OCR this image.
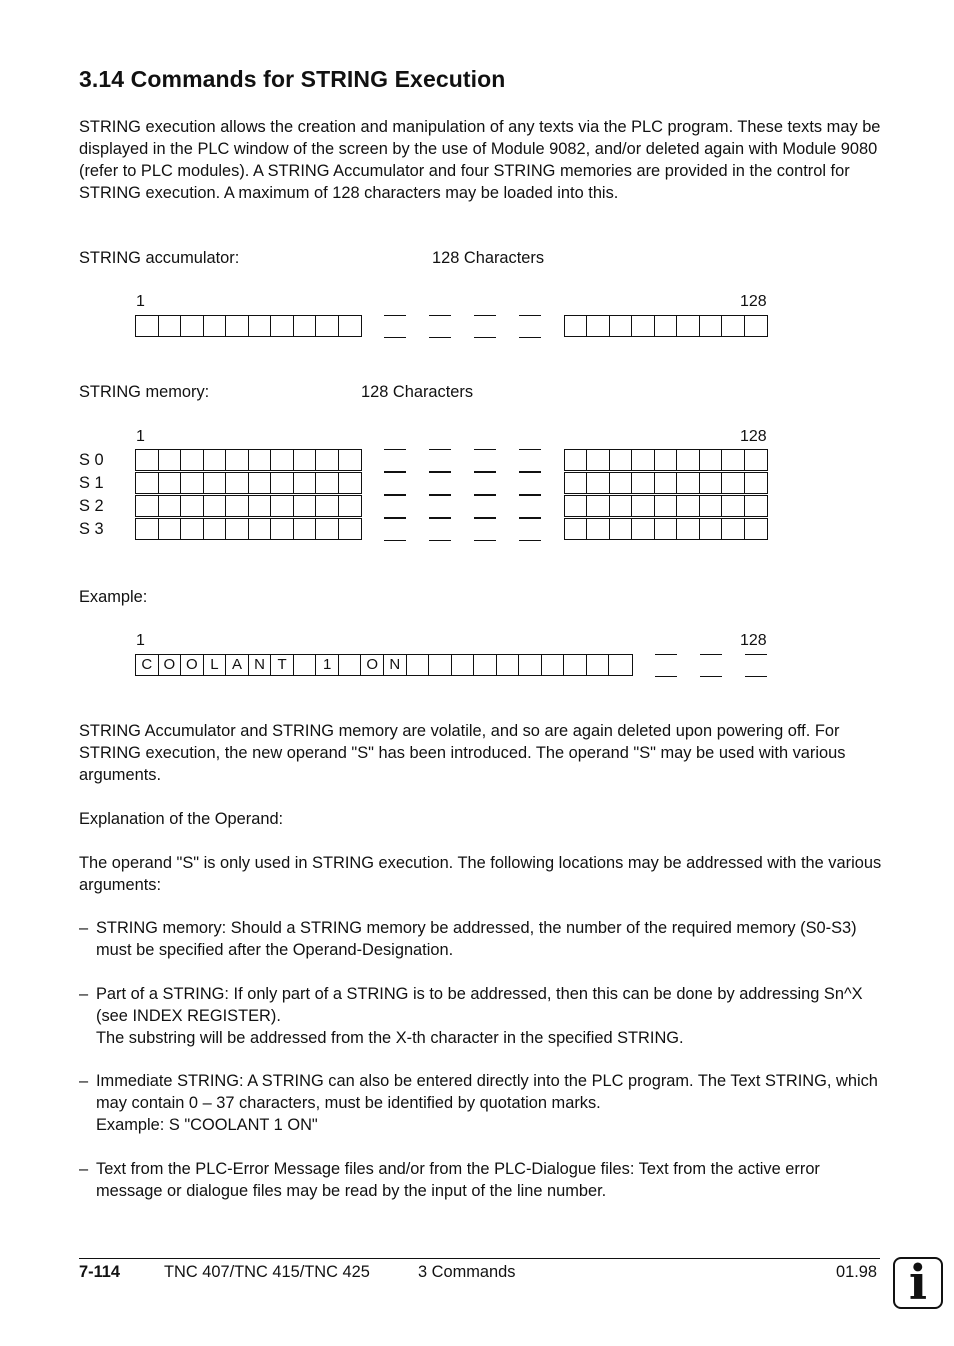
3.14 Commands for STRING Execution
STRING execution allows the creation and manipulation of any texts via the PLC program. These texts may be displayed in the PLC window of the screen by the use of Module 9082, and/or deleted again with Module 9080 (refer to PLC modules). A STRING Accumulator and four STRING memories are provided in the control for STRING execution. A maximum of 128 characters may be loaded into this.
STRING accumulator:	128 Characters
1	128
STRING memory:	128 Characters
1	128
S 0
S 1
S 2
S 3
Example:
1	128
C O O L A N T	1	O N
STRING Accumulator and STRING memory are volatile, and so are again deleted upon powering off. For STRING execution, the new operand "S" has been introduced. The operand "S" may be used with various arguments.
Explanation of the Operand:
The operand "S" is only used in STRING execution. The following locations may be addressed with the various arguments:
– STRING memory: Should a STRING memory be addressed, the number of the required memory (S0-S3) must be specified after the Operand-Designation.
– Part of a STRING: If only part of a STRING is to be addressed, then this can be done by addressing Sn^X (see INDEX REGISTER).
The substring will be addressed from the X-th character in the specified STRING.
– Immediate STRING: A STRING can also be entered directly into the PLC program. The Text STRING, which may contain 0 – 37 characters, must be identified by quotation marks.
Example: S "COOLANT 1 ON"
– Text from the PLC-Error Message files and/or from the PLC-Dialogue files: Text from the active error message or dialogue files may be read by the input of the line number.
7-114	TNC 407/TNC 415/TNC 425	3 Commands	01.98 i
